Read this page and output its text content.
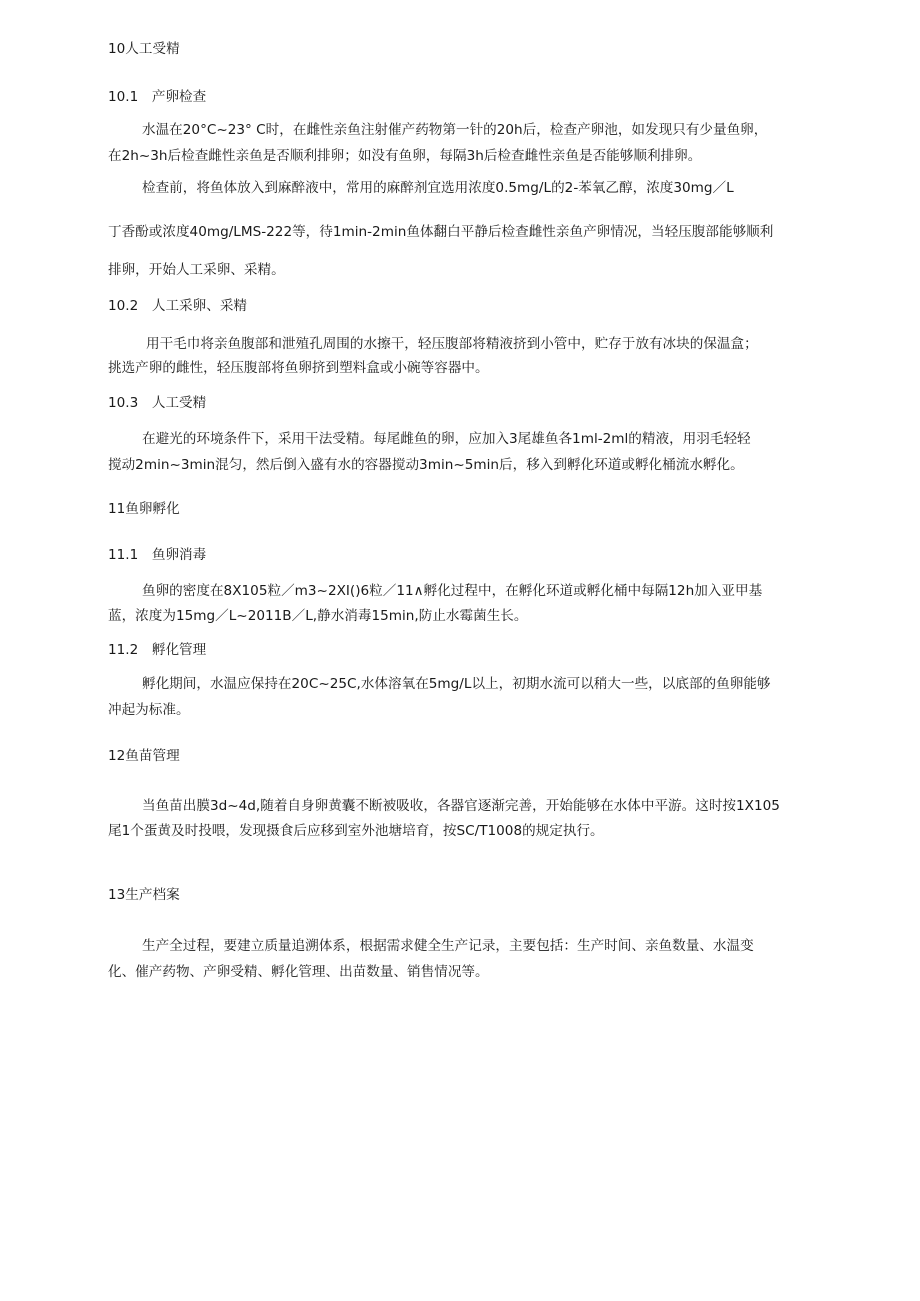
10人工受精
10.1　产卵检查
水温在20°C~23° C时，在雌性亲鱼注射催产药物第一针的20h后，检查产卵池，如发现只有少量鱼卵，
在2h~3h后检查雌性亲鱼是否顺利排卵；如没有鱼卵，每隔3h后检查雌性亲鱼是否能够顺利排卵。
检查前，将鱼体放入到麻醉液中，常用的麻醉剂宜选用浓度0.5mg/L的2-苯氧乙醇，浓度30mg／L
丁香酚或浓度40mg/LMS-222等，待1min-2min鱼体翻白平静后检查雌性亲鱼产卵情况，当轻压腹部能够顺利
排卵，开始人工采卵、采精。
10.2　人工采卵、采精
用干毛巾将亲鱼腹部和泄殖孔周围的水擦干，轻压腹部将精液挤到小管中，贮存于放有冰块的保温盒；
挑选产卵的雌性，轻压腹部将鱼卵挤到塑料盒或小碗等容器中。
10.3　人工受精
在避光的环境条件下，采用干法受精。每尾雌鱼的卵，应加入3尾雄鱼各1ml-2ml的精液，用羽毛轻轻
搅动2min~3min混匀，然后倒入盛有水的容器搅动3min~5min后，移入到孵化环道或孵化桶流水孵化。
11鱼卵孵化
11.1　鱼卵消毒
鱼卵的密度在8X105粒／m3~2XI()6粒／11∧孵化过程中，在孵化环道或孵化桶中每隔12h加入亚甲基
蓝，浓度为15mg／L~2011B／L,静水消毒15min,防止水霉菌生长。
11.2　孵化管理
孵化期间，水温应保持在20C~25C,水体溶氧在5mg/L以上，初期水流可以稍大一些，以底部的鱼卵能够
冲起为标准。
12鱼苗管理
当鱼苗出膜3d~4d,随着自身卵黄囊不断被吸收，各器官逐渐完善，开始能够在水体中平游。这时按1X105
尾1个蛋黄及时投喂，发现摄食后应移到室外池塘培育，按SC/T1008的规定执行。
13生产档案
生产全过程，要建立质量追溯体系，根据需求健全生产记录，主要包括：生产时间、亲鱼数量、水温变
化、催产药物、产卵受精、孵化管理、出苗数量、销售情况等。
